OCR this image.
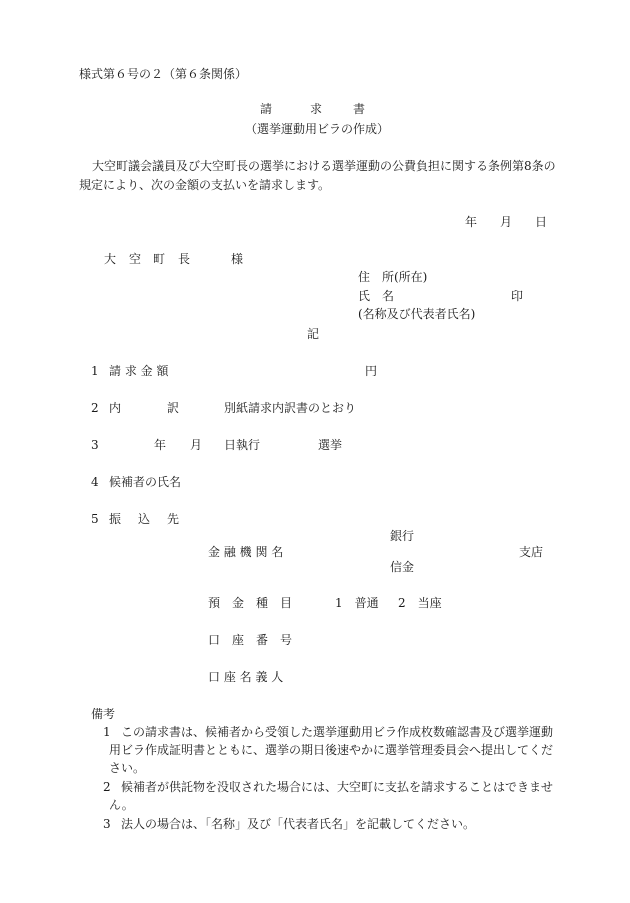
様式第６号の２（第６条関係）
請	求	書
（選挙運動用ビラの作成）
大空町議会議員及び大空町長の選挙における選挙運動の公費負担に関する条例第8条の
規定により、次の金額の支払いを請求します。
年 月 日
大 空 町 長	様
住　所(所在)
氏　名	印
(名称及び代表者氏名)
記
1 請 求 金 額	円
2 内	訳	別紙請求内訳書のとおり
3	年 月 日執行	選挙
4 候補者の氏名
5 振 込 先
銀行
金 融 機 関 名	支店
信金
預　金　種　目	1　普通 2　当座
口　座　番　号
口 座 名 義 人
備考
1 この請求書は、候補者から受領した選挙運動用ビラ作成枚数確認書及び選挙運動
用ビラ作成証明書とともに、選挙の期日後速やかに選挙管理委員会へ提出してくだ
さい。
2 候補者が供託物を没収された場合には、大空町に支払を請求することはできませ
ん。
3 法人の場合は、「名称」及び「代表者氏名」を記載してください。
